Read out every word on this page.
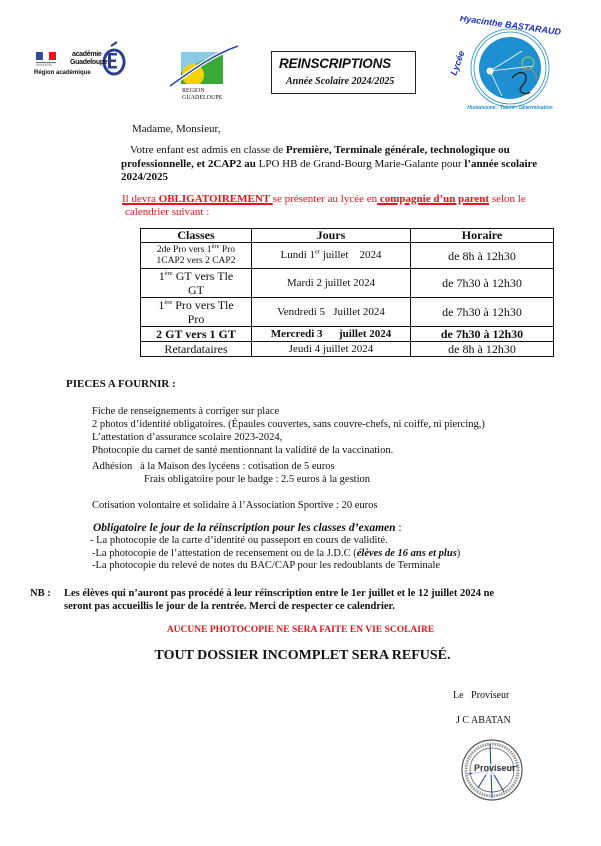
académie
Guadeloupe
Région académique
REGION
GUADELOUPE
REINSCRIPTIONS
Année Scolaire 2024/2025
Hyacinthe BASTARAUD
Lycée
Humanisme - Talent - Détermination
Madame, Monsieur,
Votre enfant est admis en classe de Première, Terminale générale, technologique ou
professionnelle, et 2CAP2 au LPO HB de Grand-Bourg Marie-Galante pour l’année scolaire
2024/2025
Il devra OBLIGATOIREMENT se présenter au lycée en compagnie d’un parent selon le
calendrier suivant :
Classes	Jours	Horaire

2de Pro vers 1ère Pro
1CAP2 vers 2 CAP2	Lundi 1er juillet    2024	de 8h à 12h30

1ère GT vers Tle
GT	Mardi 2 juillet 2024	de 7h30 à 12h30

1ère Pro vers Tle
Pro	Vendredi 5   Juillet 2024	de 7h30 à 12h30
2 GT vers 1 GT	Mercredi 3      juillet 2024	de 7h30 à 12h30
Retardataires	Jeudi 4 juillet 2024	de 8h à 12h30
PIECES A FOURNIR :
Fiche de renseignements à corriger sur place
2 photos d’identité obligatoires. (Épaules couvertes, sans couvre-chefs, ni coiffe, ni piercing,)
L’attestation d’assurance scolaire 2023-2024,
Photocopie du carnet de santé mentionnant la validité de la vaccination.
Adhésion   à la Maison des lycéens : cotisation de 5 euros
Frais obligatoire pour le badge : 2.5 euros à la gestion
Cotisation volontaire et solidaire à l’Association Sportive : 20 euros
Obligatoire le jour de la réinscription pour les classes d’examen :
- La photocopie de la carte d’identité ou passeport en cours de validité.
-La photocopie de l’attestation de recensement ou de la J.D.C (élèves de 16 ans et plus)
-La photocopie du relevé de notes du BAC/CAP pour les redoublants de Terminale
NB : Les élèves qui n’auront pas procédé à leur réinscription entre le 1er juillet et le 12 juillet 2024 ne
seront pas accueillis le jour de la rentrée. Merci de respecter ce calendrier.
AUCUNE PHOTOCOPIE NE SERA FAITE EN VIE SCOLAIRE
TOUT DOSSIER INCOMPLET SERA REFUSÉ.
Le   Proviseur
J C ABATAN
Proviseur
